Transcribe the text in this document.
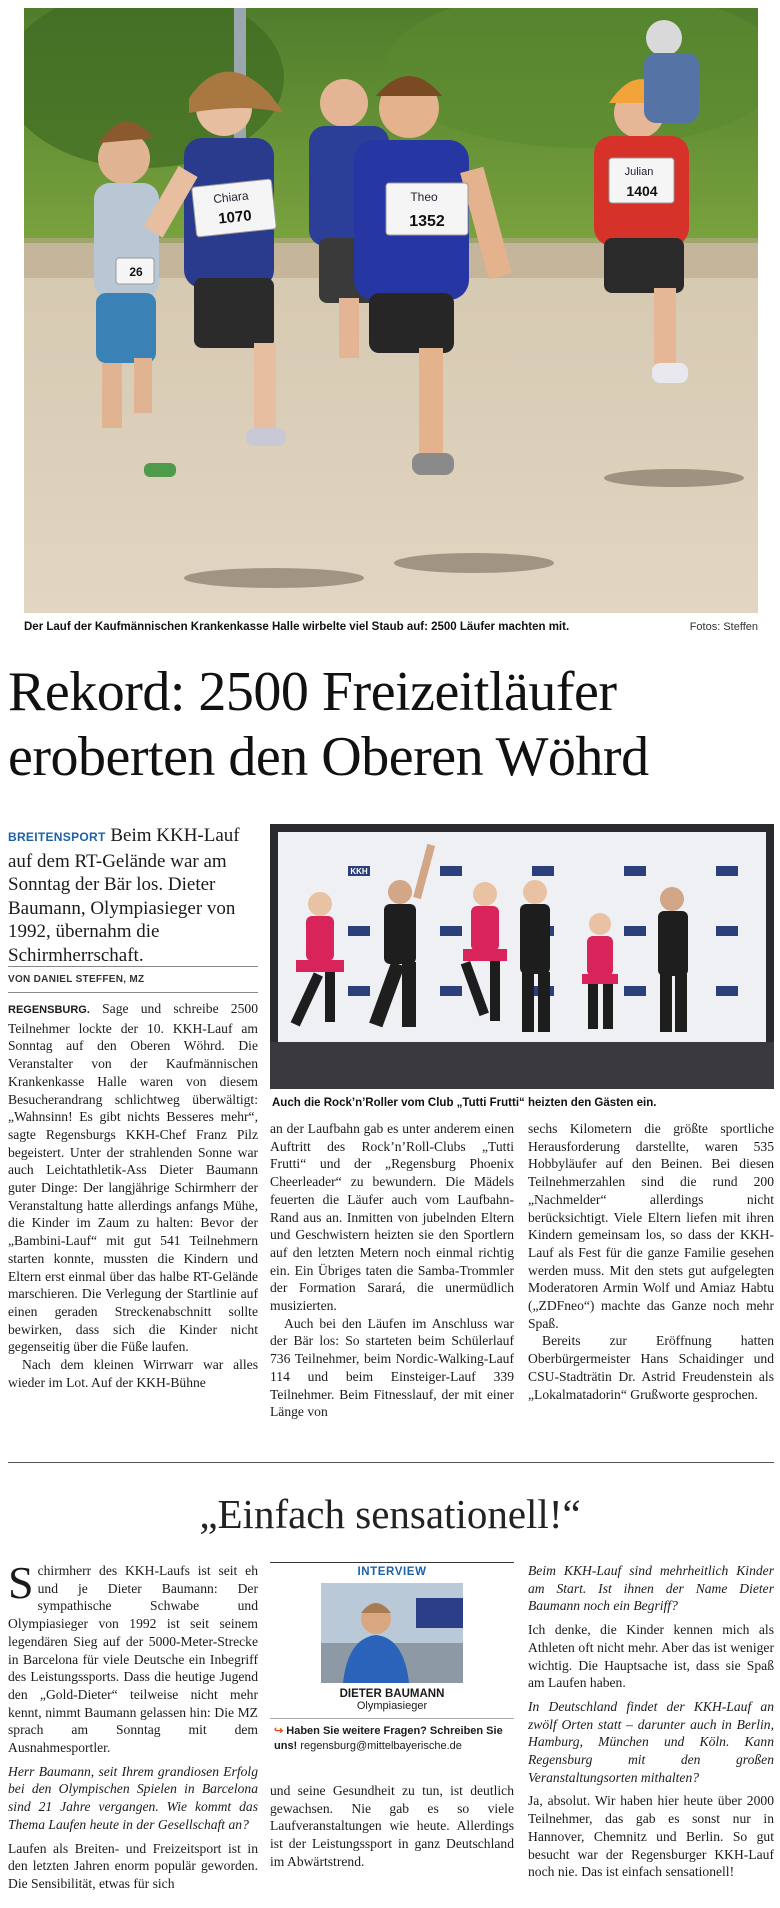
Chiara
1070
Theo
1352
Julian
1404
26
Der Lauf der Kaufmännischen Krankenkasse Halle wirbelte viel Staub auf: 2500 Läufer machten mit.	Fotos: Steffen
Rekord: 2500 Freizeitläufer
eroberten den Oberen Wöhrd
BREITENSPORT Beim KKH-Lauf auf dem RT-Gelände war am Sonntag der Bär los. Dieter Baumann, Olympiasieger von 1992, übernahm die Schirmherrschaft.
VON DANIEL STEFFEN, MZ
KKH
Auch die Rock’n’Roller vom Club „Tutti Frutti“ heizten den Gästen ein.

REGENSBURG. Sage und schreibe 2500 Teilnehmer lockte der 10. KKH-Lauf am Sonntag auf den Oberen Wöhrd. Die Veranstalter von der Kaufmännischen Krankenkasse Halle waren von diesem Besucherandrang schlichtweg überwältigt: „Wahnsinn! Es gibt nichts Besseres mehr“, sagte Regensburgs KKH-Chef Franz Pilz begeistert. Unter der strahlenden Sonne war auch Leichtathletik-Ass Dieter Baumann guter Dinge: Der langjährige Schirmherr der Veranstaltung hatte allerdings anfangs Mühe, die Kinder im Zaum zu halten: Bevor der „Bambini-Lauf“ mit gut 541 Teilnehmern starten konnte, mussten die Kindern und Eltern erst einmal über das halbe RT-Gelände marschieren. Die Verlegung der Startlinie auf einen geraden Streckenabschnitt sollte bewirken, dass sich die Kinder nicht gegenseitig über die Füße laufen.

Nach dem kleinen Wirrwarr war alles wieder im Lot. Auf der KKH-Bühne

an der Laufbahn gab es unter anderem einen Auftritt des Rock’n’Roll-Clubs „Tutti Frutti“ und der „Regensburg Phoenix Cheerleader“ zu bewundern. Die Mädels feuerten die Läufer auch vom Laufbahn-Rand aus an. Inmitten von jubelnden Eltern und Geschwistern heizten sie den Sportlern auf den letzten Metern noch einmal richtig ein. Ein Übriges taten die Samba-Trommler der Formation Sarará, die unermüdlich musizierten.

Auch bei den Läufen im Anschluss war der Bär los: So starteten beim Schülerlauf 736 Teilnehmer, beim Nordic-Walking-Lauf 114 und beim Einsteiger-Lauf 339 Teilnehmer. Beim Fitnesslauf, der mit einer Länge von

sechs Kilometern die größte sportliche Herausforderung darstellte, waren 535 Hobbyläufer auf den Beinen. Bei diesen Teilnehmerzahlen sind die rund 200 „Nachmelder“ allerdings nicht berücksichtigt. Viele Eltern liefen mit ihren Kindern gemeinsam los, so dass der KKH-Lauf als Fest für die ganze Familie gesehen werden muss. Mit den stets gut aufgelegten Moderatoren Armin Wolf und Amiaz Habtu („ZDFneo“) machte das Ganze noch mehr Spaß.

Bereits zur Eröffnung hatten Oberbürgermeister Hans Schaidinger und CSU-Stadträtin Dr. Astrid Freudenstein als „Lokalmatadorin“ Grußworte gesprochen.

„Einfach sensationell!“

Schirmherr des KKH-Laufs ist seit eh und je Dieter Baumann: Der sympathische Schwabe und Olympiasieger von 1992 ist seit seinem legendären Sieg auf der 5000-Meter-Strecke in Barcelona für viele Deutsche ein Inbegriff des Leistungssports. Dass die heutige Jugend den „Gold-Dieter“ teilweise nicht mehr kennt, nimmt Baumann gelassen hin: Die MZ sprach am Sonntag mit dem Ausnahmesportler.

Herr Baumann, seit Ihrem grandiosen Erfolg bei den Olympischen Spielen in Barcelona sind 21 Jahre vergangen. Wie kommt das Thema Laufen heute in der Gesellschaft an?

Laufen als Breiten- und Freizeitsport ist in den letzten Jahren enorm populär geworden. Die Sensibilität, etwas für sich

INTERVIEW
DIETER BAUMANN
Olympiasieger
↪ Haben Sie weitere Fragen? Schreiben Sie uns! regensburg@mittelbayerische.de

und seine Gesundheit zu tun, ist deutlich gewachsen. Nie gab es so viele Laufveranstaltungen wie heute. Allerdings ist der Leistungssport in ganz Deutschland im Abwärtstrend.

Beim KKH-Lauf sind mehrheitlich Kinder am Start. Ist ihnen der Name Dieter Baumann noch ein Begriff?

Ich denke, die Kinder kennen mich als Athleten oft nicht mehr. Aber das ist weniger wichtig. Die Hauptsache ist, dass sie Spaß am Laufen haben.

In Deutschland findet der KKH-Lauf an zwölf Orten statt – darunter auch in Berlin, Hamburg, München und Köln. Kann Regensburg mit den großen Veranstaltungsorten mithalten?

Ja, absolut. Wir haben hier heute über 2000 Teilnehmer, das gab es sonst nur in Hannover, Chemnitz und Berlin. So gut besucht war der Regensburger KKH-Lauf noch nie. Das ist einfach sensationell!
